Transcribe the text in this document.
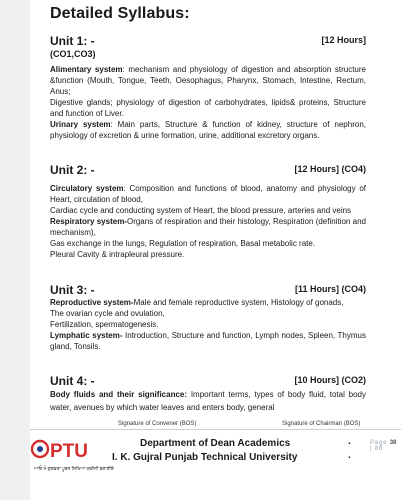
Detailed Syllabus:
Unit 1: -	[12 Hours]
(CO1,CO3)

Alimentary system: mechanism and physiology of digestion and absorption structure &function (Mouth, Tongue, Teeth, Oesophagus, Pharynx, Stomach, Intestine, Rectum, Anus;

Digestive glands; physiology of digestion of carbohydrates, lipids& proteins, Structure and function of Liver.

Urinary system: Main parts, Structure & function of kidney, structure of nephron, physiology of excretion & urine formation, urine, additional excretory organs.

Unit 2: -	[12 Hours] (CO4)

Circulatory system: Composition and functions of blood, anatomy and physiology of Heart, circulation of blood,

Cardiac cycle and conducting system of Heart, the blood pressure, arteries and veins

Respiratory system-Organs of respiration and their histology, Respiration (definition and mechanism),

Gas exchange in the lungs, Regulation of respiration, Basal metabolic rate.

Pleural Cavity & intrapleural pressure.

Unit 3: -	[11 Hours] (CO4)

Reproductive system-Male and female reproductive system, Histology of gonads,

The ovarian cycle and ovulation,

Fertilization, spermatogenesis.

Lymphatic system- Introduction, Structure and function, Lymph nodes, Spleen, Thymus gland, Tonsils.

Unit 4: -	[10 Hours] (CO2)

Body fluids and their significance: Important terms, types of body fluid, total body water, avenues by which water leaves and enters body, general

Signature of Convener (BOS)	Signature of Chairman (BOS)
PTU
ਆਓ ਮੰ ਗੁਣਵਤਾ ਪੂਰਨ ਸਿਖਿਆ ਯਕੀਨੀ ਬਣਾਈਏ
Department of Dean Academics
I. K. Gujral Punjab Technical University
.
.
Page 38 | 88
